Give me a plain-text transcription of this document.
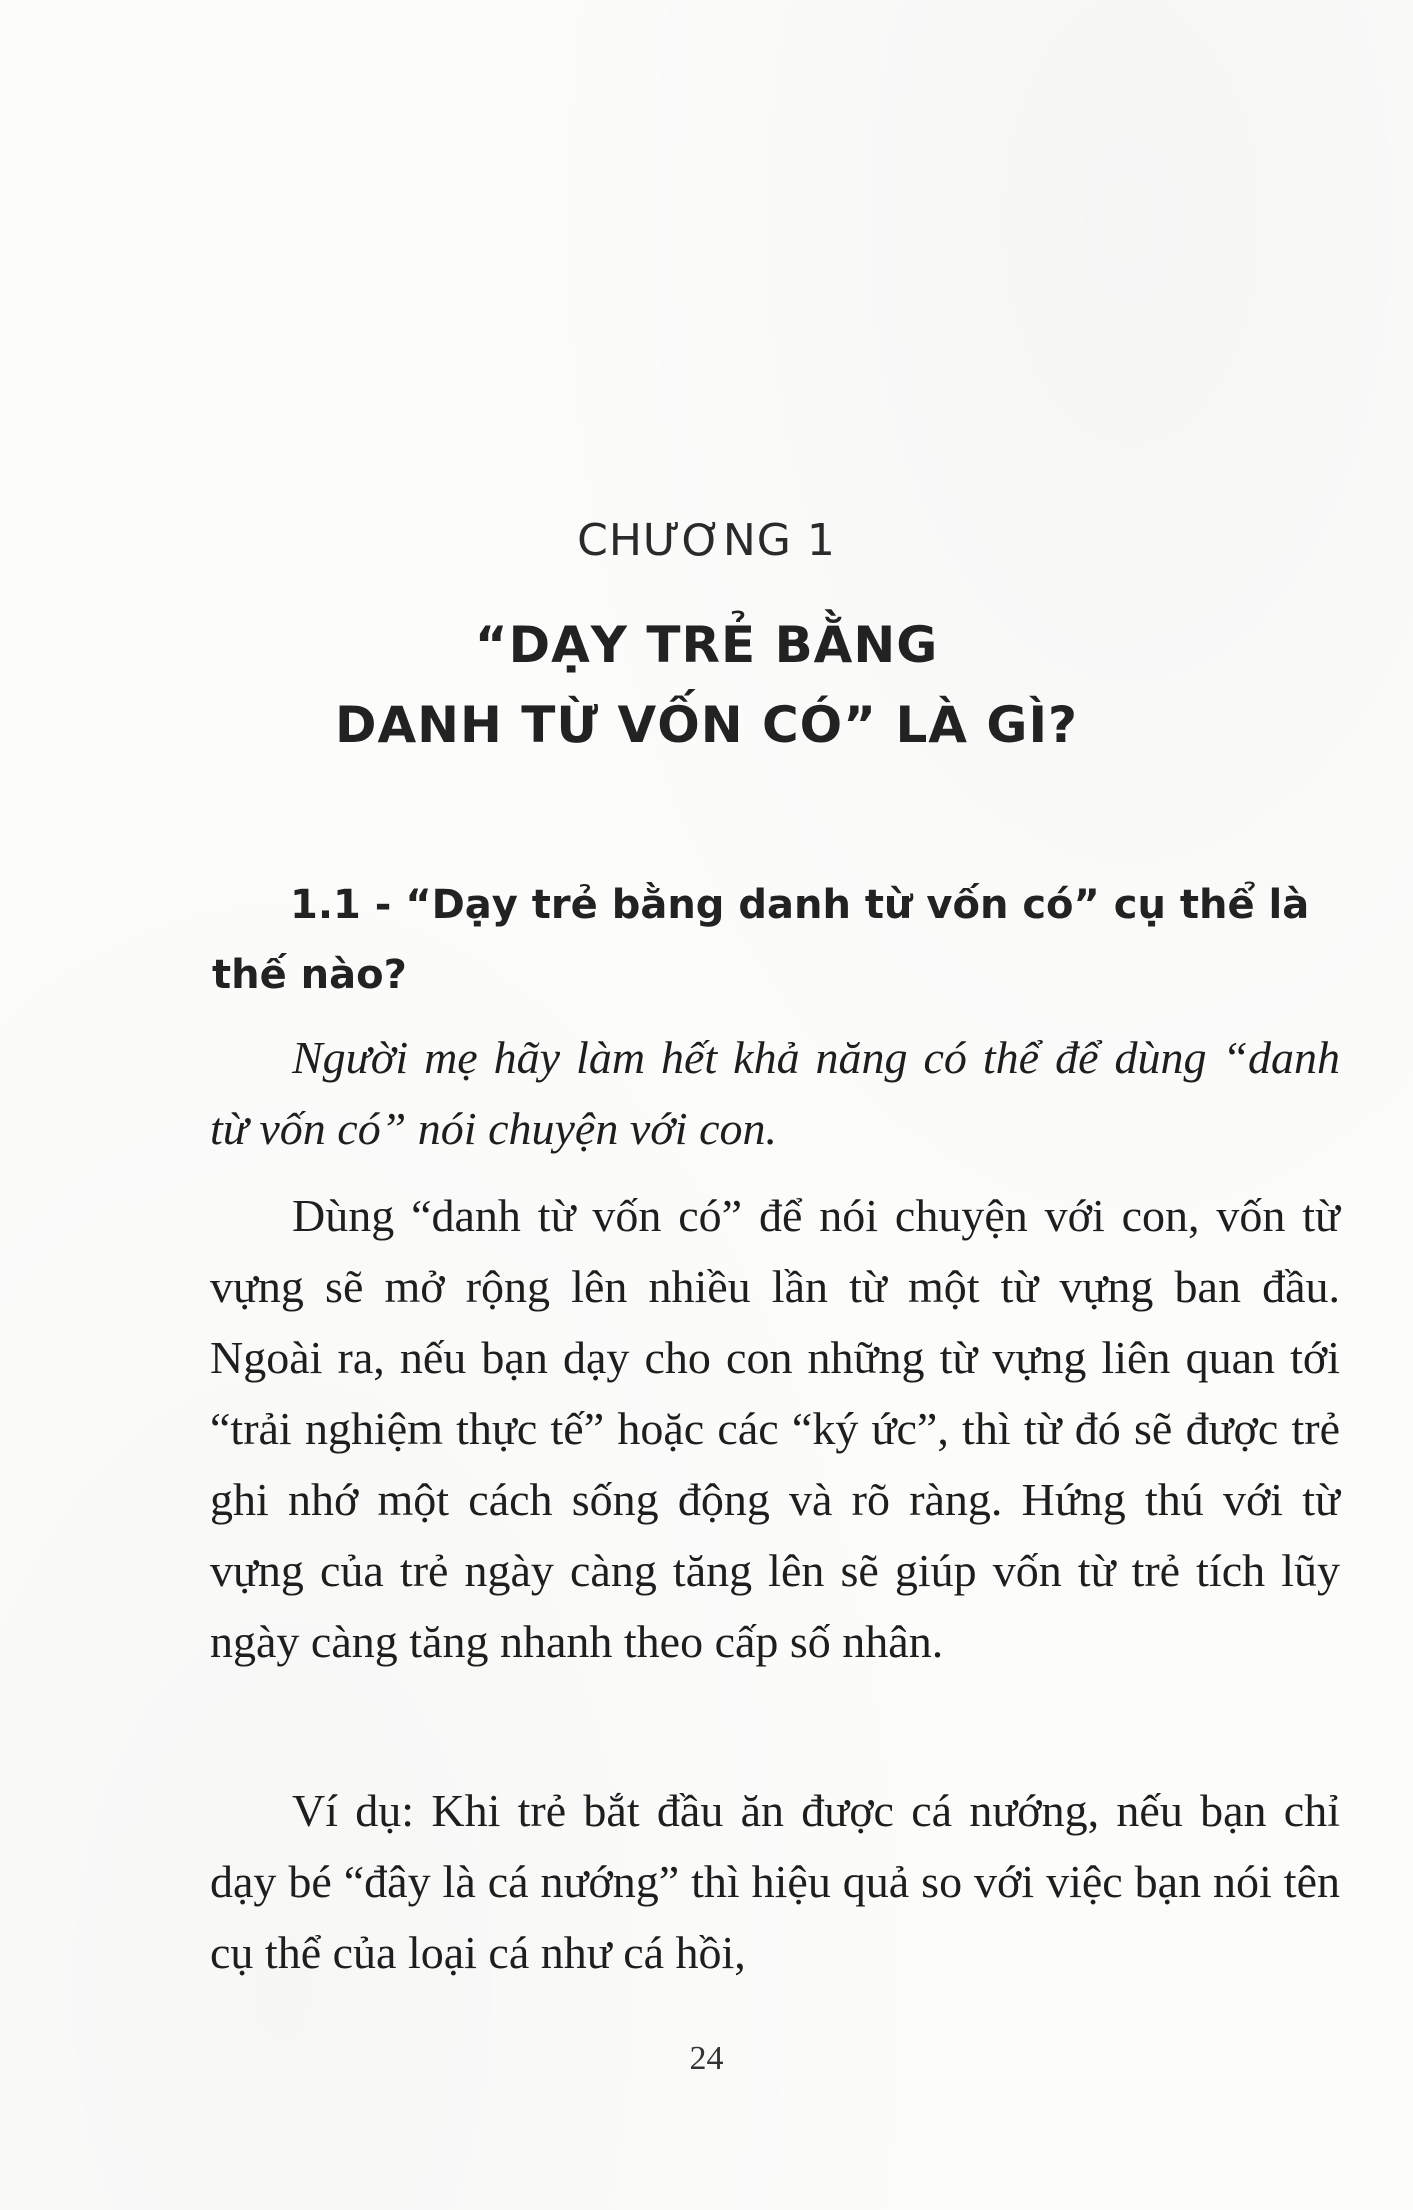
CHƯƠNG 1
“DẠY TRẺ BẰNG
DANH TỪ VỐN CÓ” LÀ GÌ?
1.1 - “Dạy trẻ bằng danh từ vốn có” cụ thể là thế nào?

Người mẹ hãy làm hết khả năng có thể để dùng “danh từ vốn có” nói chuyện với con.

Dùng “danh từ vốn có” để nói chuyện với con, vốn từ vựng sẽ mở rộng lên nhiều lần từ một từ vựng ban đầu. Ngoài ra, nếu bạn dạy cho con những từ vựng liên quan tới “trải nghiệm thực tế” hoặc các “ký ức”, thì từ đó sẽ được trẻ ghi nhớ một cách sống động và rõ ràng. Hứng thú với từ vựng của trẻ ngày càng tăng lên sẽ giúp vốn từ trẻ tích lũy ngày càng tăng nhanh theo cấp số nhân.

Ví dụ: Khi trẻ bắt đầu ăn được cá nướng, nếu bạn chỉ dạy bé “đây là cá nướng” thì hiệu quả so với việc bạn nói tên cụ thể của loại cá như cá hồi,

24
